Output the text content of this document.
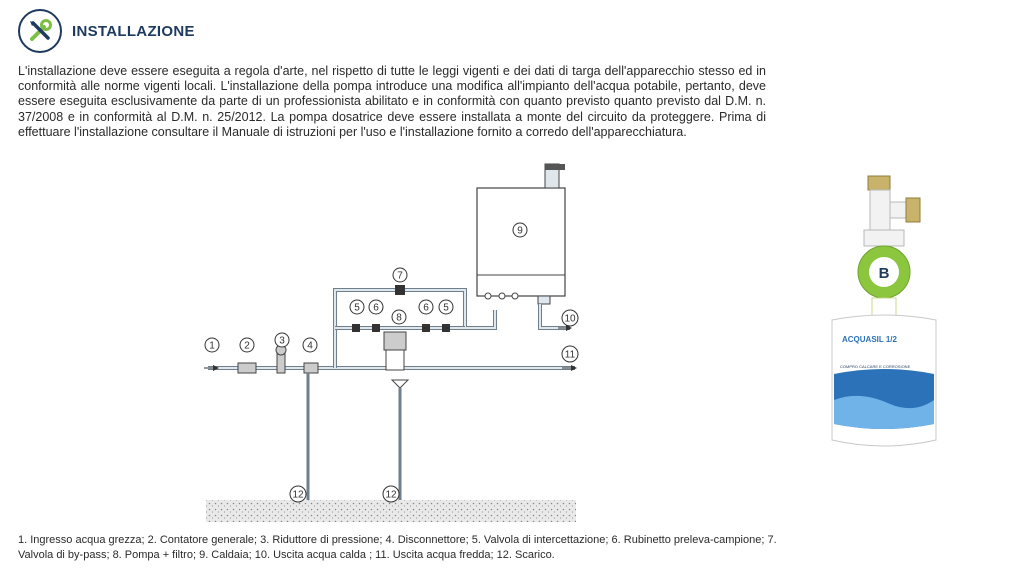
INSTALLAZIONE

L'installazione deve essere eseguita a regola d'arte, nel rispetto di tutte le leggi vigenti e dei dati di targa dell'apparecchio stesso ed in conformità alle norme vigenti locali. L'installazione della pompa introduce una modifica all'impianto dell'acqua potabile, pertanto, deve essere eseguita esclusivamente da parte di un professionista abilitato e in conformità con quanto previsto quanto previsto dal D.M. n. 37/2008 e in conformità al D.M. n. 25/2012. La pompa dosatrice deve essere installata a monte del circuito da proteggere. Prima di effettuare l'installazione consultare il Manuale di istruzioni per l'uso e l'installazione fornito a corredo dell'apparecchiatura.

1	2	3 4
5 6
7
8
6 5
9
10
11
12	12
B
ACQUASIL 1/2
COMPRO CALCARE E CORROSIONE

1. Ingresso acqua grezza; 2. Contatore generale; 3. Riduttore di pressione; 4. Disconnettore; 5. Valvola di intercettazione; 6. Rubinetto preleva-campione; 7. Valvola di by-pass; 8. Pompa + filtro; 9. Caldaia; 10. Uscita acqua calda ; 11. Uscita acqua fredda; 12. Scarico.
